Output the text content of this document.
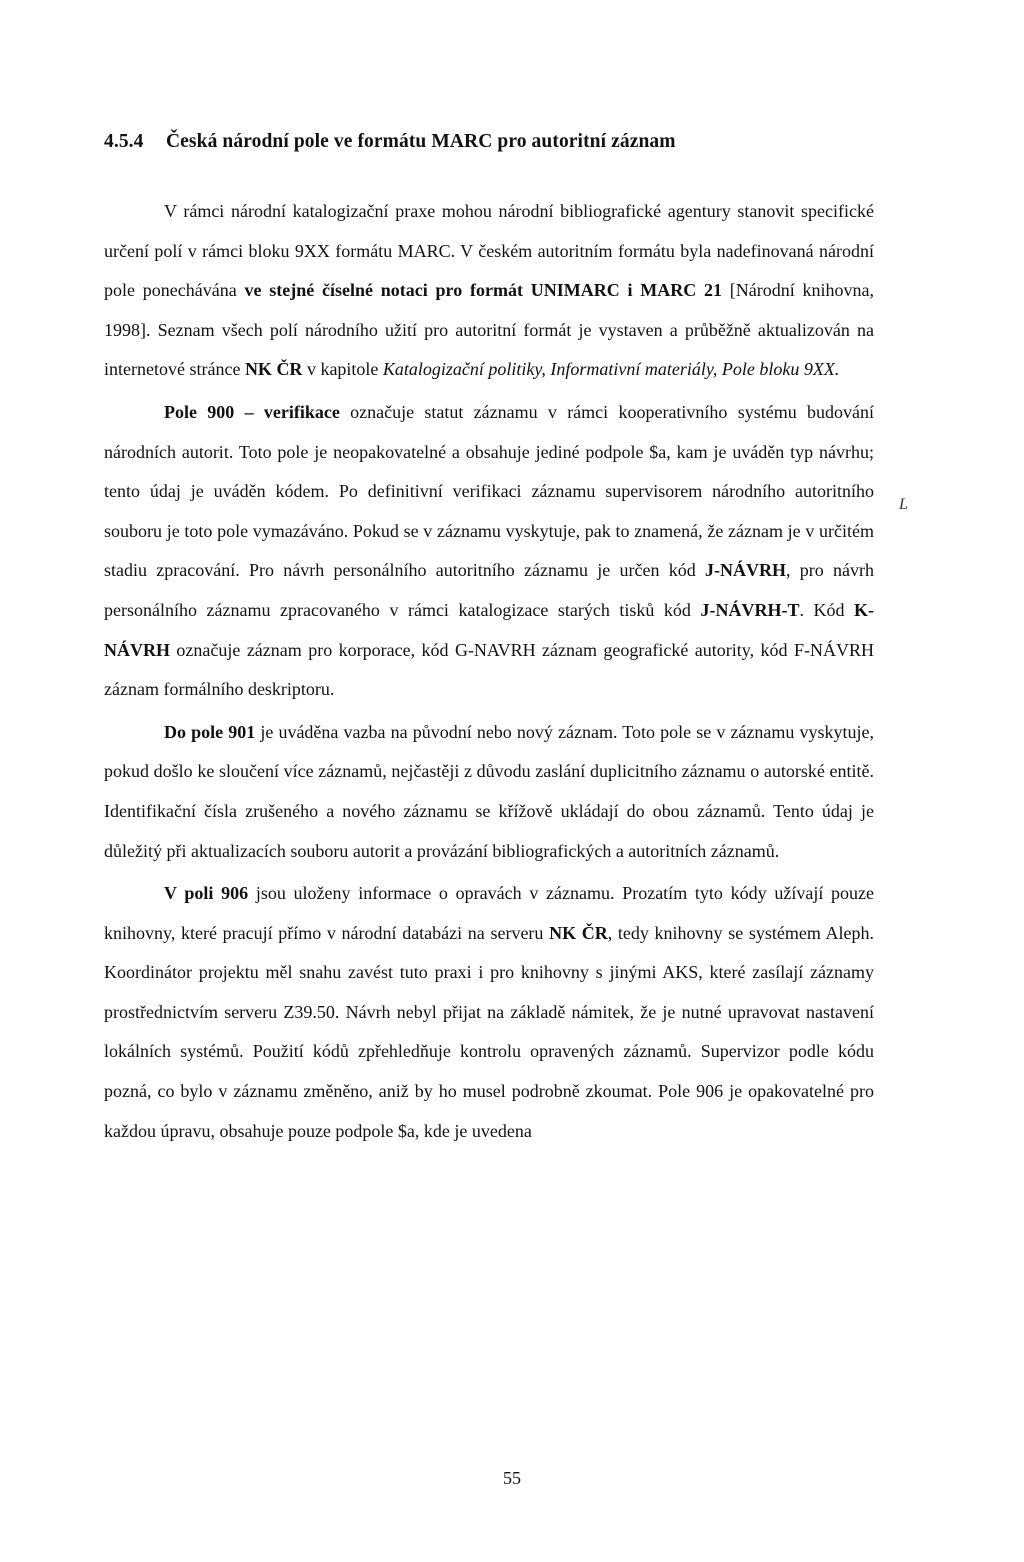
4.5.4 Česká národní pole ve formátu MARC pro autoritní záznam

V rámci národní katalogizační praxe mohou národní bibliografické agentury stanovit specifické určení polí v rámci bloku 9XX formátu MARC. V českém autoritním formátu byla nadefinovaná národní pole ponechávána ve stejné číselné notaci pro formát UNIMARC i MARC 21 [Národní knihovna, 1998]. Seznam všech polí národního užití pro autoritní formát je vystaven a průběžně aktualizován na internetové stránce NK ČR v kapitole Katalogizační politiky, Informativní materiály, Pole bloku 9XX.

Pole 900 – verifikace označuje statut záznamu v rámci kooperativního systému budování národních autorit. Toto pole je neopakovatelné a obsahuje jediné podpole $a, kam je uváděn typ návrhu; tento údaj je uváděn kódem. Po definitivní verifikaci záznamu supervisorem národního autoritního souboru je toto pole vymazáváno. Pokud se v záznamu vyskytuje, pak to znamená, že záznam je v určitém stadiu zpracování. Pro návrh personálního autoritního záznamu je určen kód J-NÁVRH, pro návrh personálního záznamu zpracovaného v rámci katalogizace starých tisků kód J-NÁVRH-T. Kód K-NÁVRH označuje záznam pro korporace, kód G-NAVRH záznam geografické autority, kód F-NÁVRH záznam formálního deskriptoru.

Do pole 901 je uváděna vazba na původní nebo nový záznam. Toto pole se v záznamu vyskytuje, pokud došlo ke sloučení více záznamů, nejčastěji z důvodu zaslání duplicitního záznamu o autorské entitě. Identifikační čísla zrušeného a nového záznamu se křížově ukládají do obou záznamů. Tento údaj je důležitý při aktualizacích souboru autorit a provázání bibliografických a autoritních záznamů.

V poli 906 jsou uloženy informace o opravách v záznamu. Prozatím tyto kódy užívají pouze knihovny, které pracují přímo v národní databázi na serveru NK ČR, tedy knihovny se systémem Aleph. Koordinátor projektu měl snahu zavést tuto praxi i pro knihovny s jinými AKS, které zasílají záznamy prostřednictvím serveru Z39.50. Návrh nebyl přijat na základě námitek, že je nutné upravovat nastavení lokálních systémů. Použití kódů zpřehledňuje kontrolu opravených záznamů. Supervizor podle kódu pozná, co bylo v záznamu změněno, aniž by ho musel podrobně zkoumat. Pole 906 je opakovatelné pro každou úpravu, obsahuje pouze podpole $a, kde je uvedena

L
55
